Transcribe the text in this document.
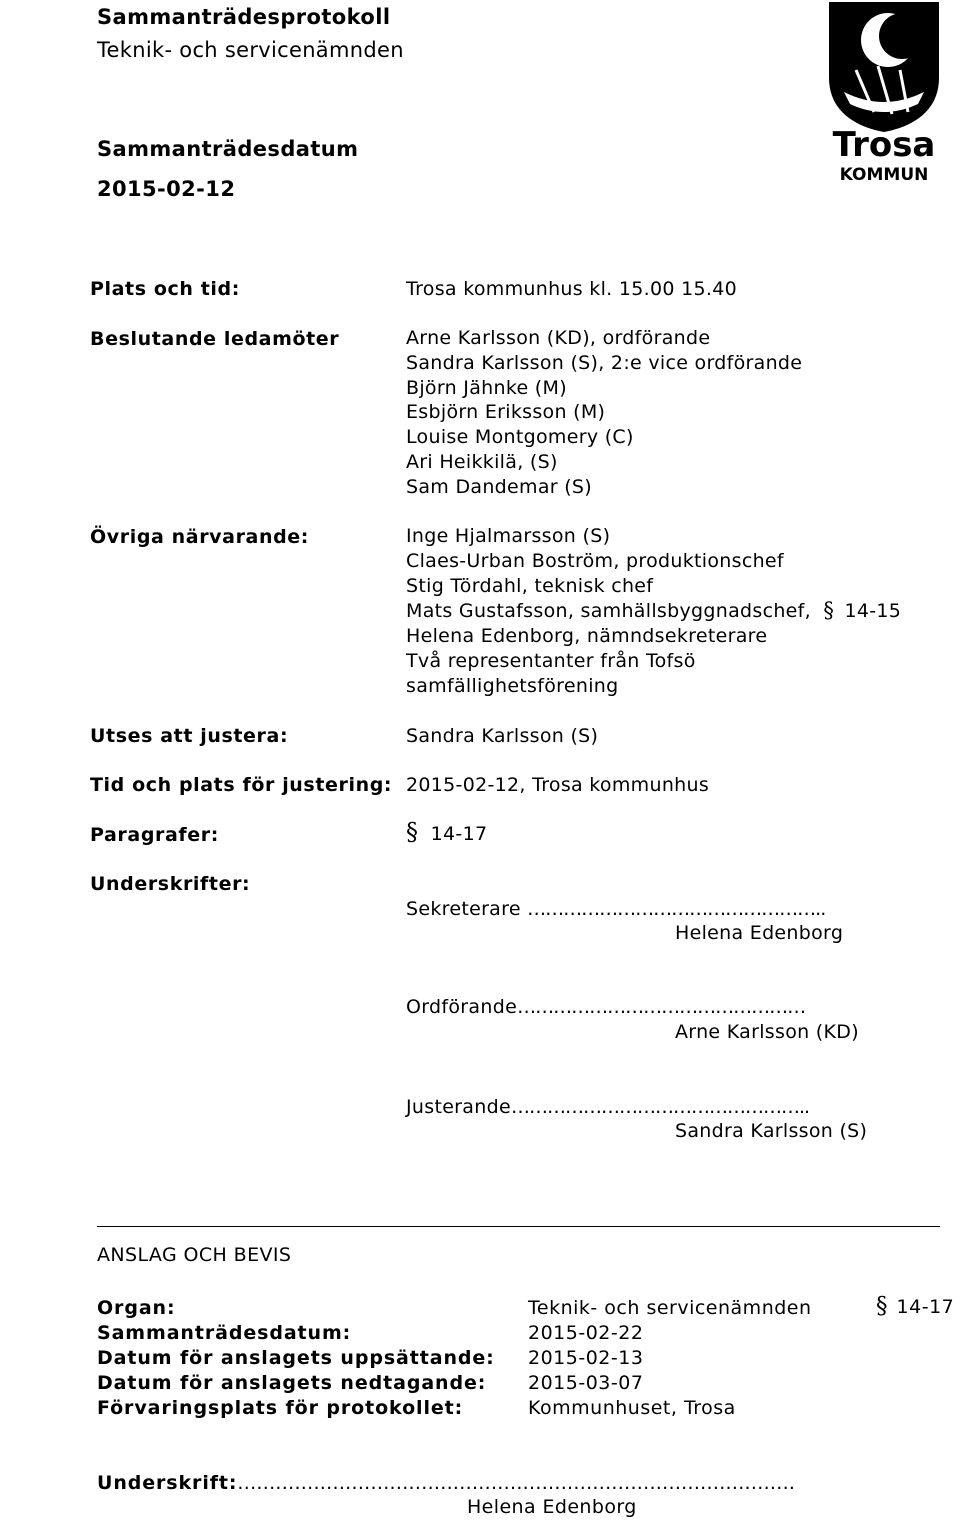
Sammanträdesprotokoll
Teknik- och servicenämnden
Sammanträdesdatum
2015-02-12
Trosa
KOMMUN
Plats och tid:	Trosa kommunhus kl. 15.00 15.40
Beslutande ledamöter	Arne Karlsson (KD), ordförande
Sandra Karlsson (S), 2:e vice ordförande
Björn Jähnke (M)
Esbjörn Eriksson (M)
Louise Montgomery (C)
Ari Heikkilä, (S)
Sam Dandemar (S)
Övriga närvarande:	Inge Hjalmarsson (S)
Claes-Urban Boström, produktionschef
Stig Tördahl, teknisk chef
Mats Gustafsson, samhällsbyggnadschef, § 14-15
Helena Edenborg, nämndsekreterare
Två representanter från Tofsö
samfällighetsförening
Utses att justera:	Sandra Karlsson (S)
Tid och plats för justering: 2015-02-12, Trosa kommunhus
Paragrafer:	§ 14-17
Underskrifter:
Sekreterare …………………………………………..
Helena Edenborg
Ordförande…………………………………………
Arne Karlsson (KD)
Justerande…………………………………………..
Sandra Karlsson (S)
ANSLAG OCH BEVIS
Organ:	Teknik- och servicenämnden	§ 14-17
Sammanträdesdatum:	2015-02-22
Datum för anslagets uppsättande: 2015-02-13
Datum för anslagets nedtagande: 2015-03-07
Förvaringsplats för protokollet:	Kommunhuset, Trosa
Underskrift:........................................................................................
Helena Edenborg
